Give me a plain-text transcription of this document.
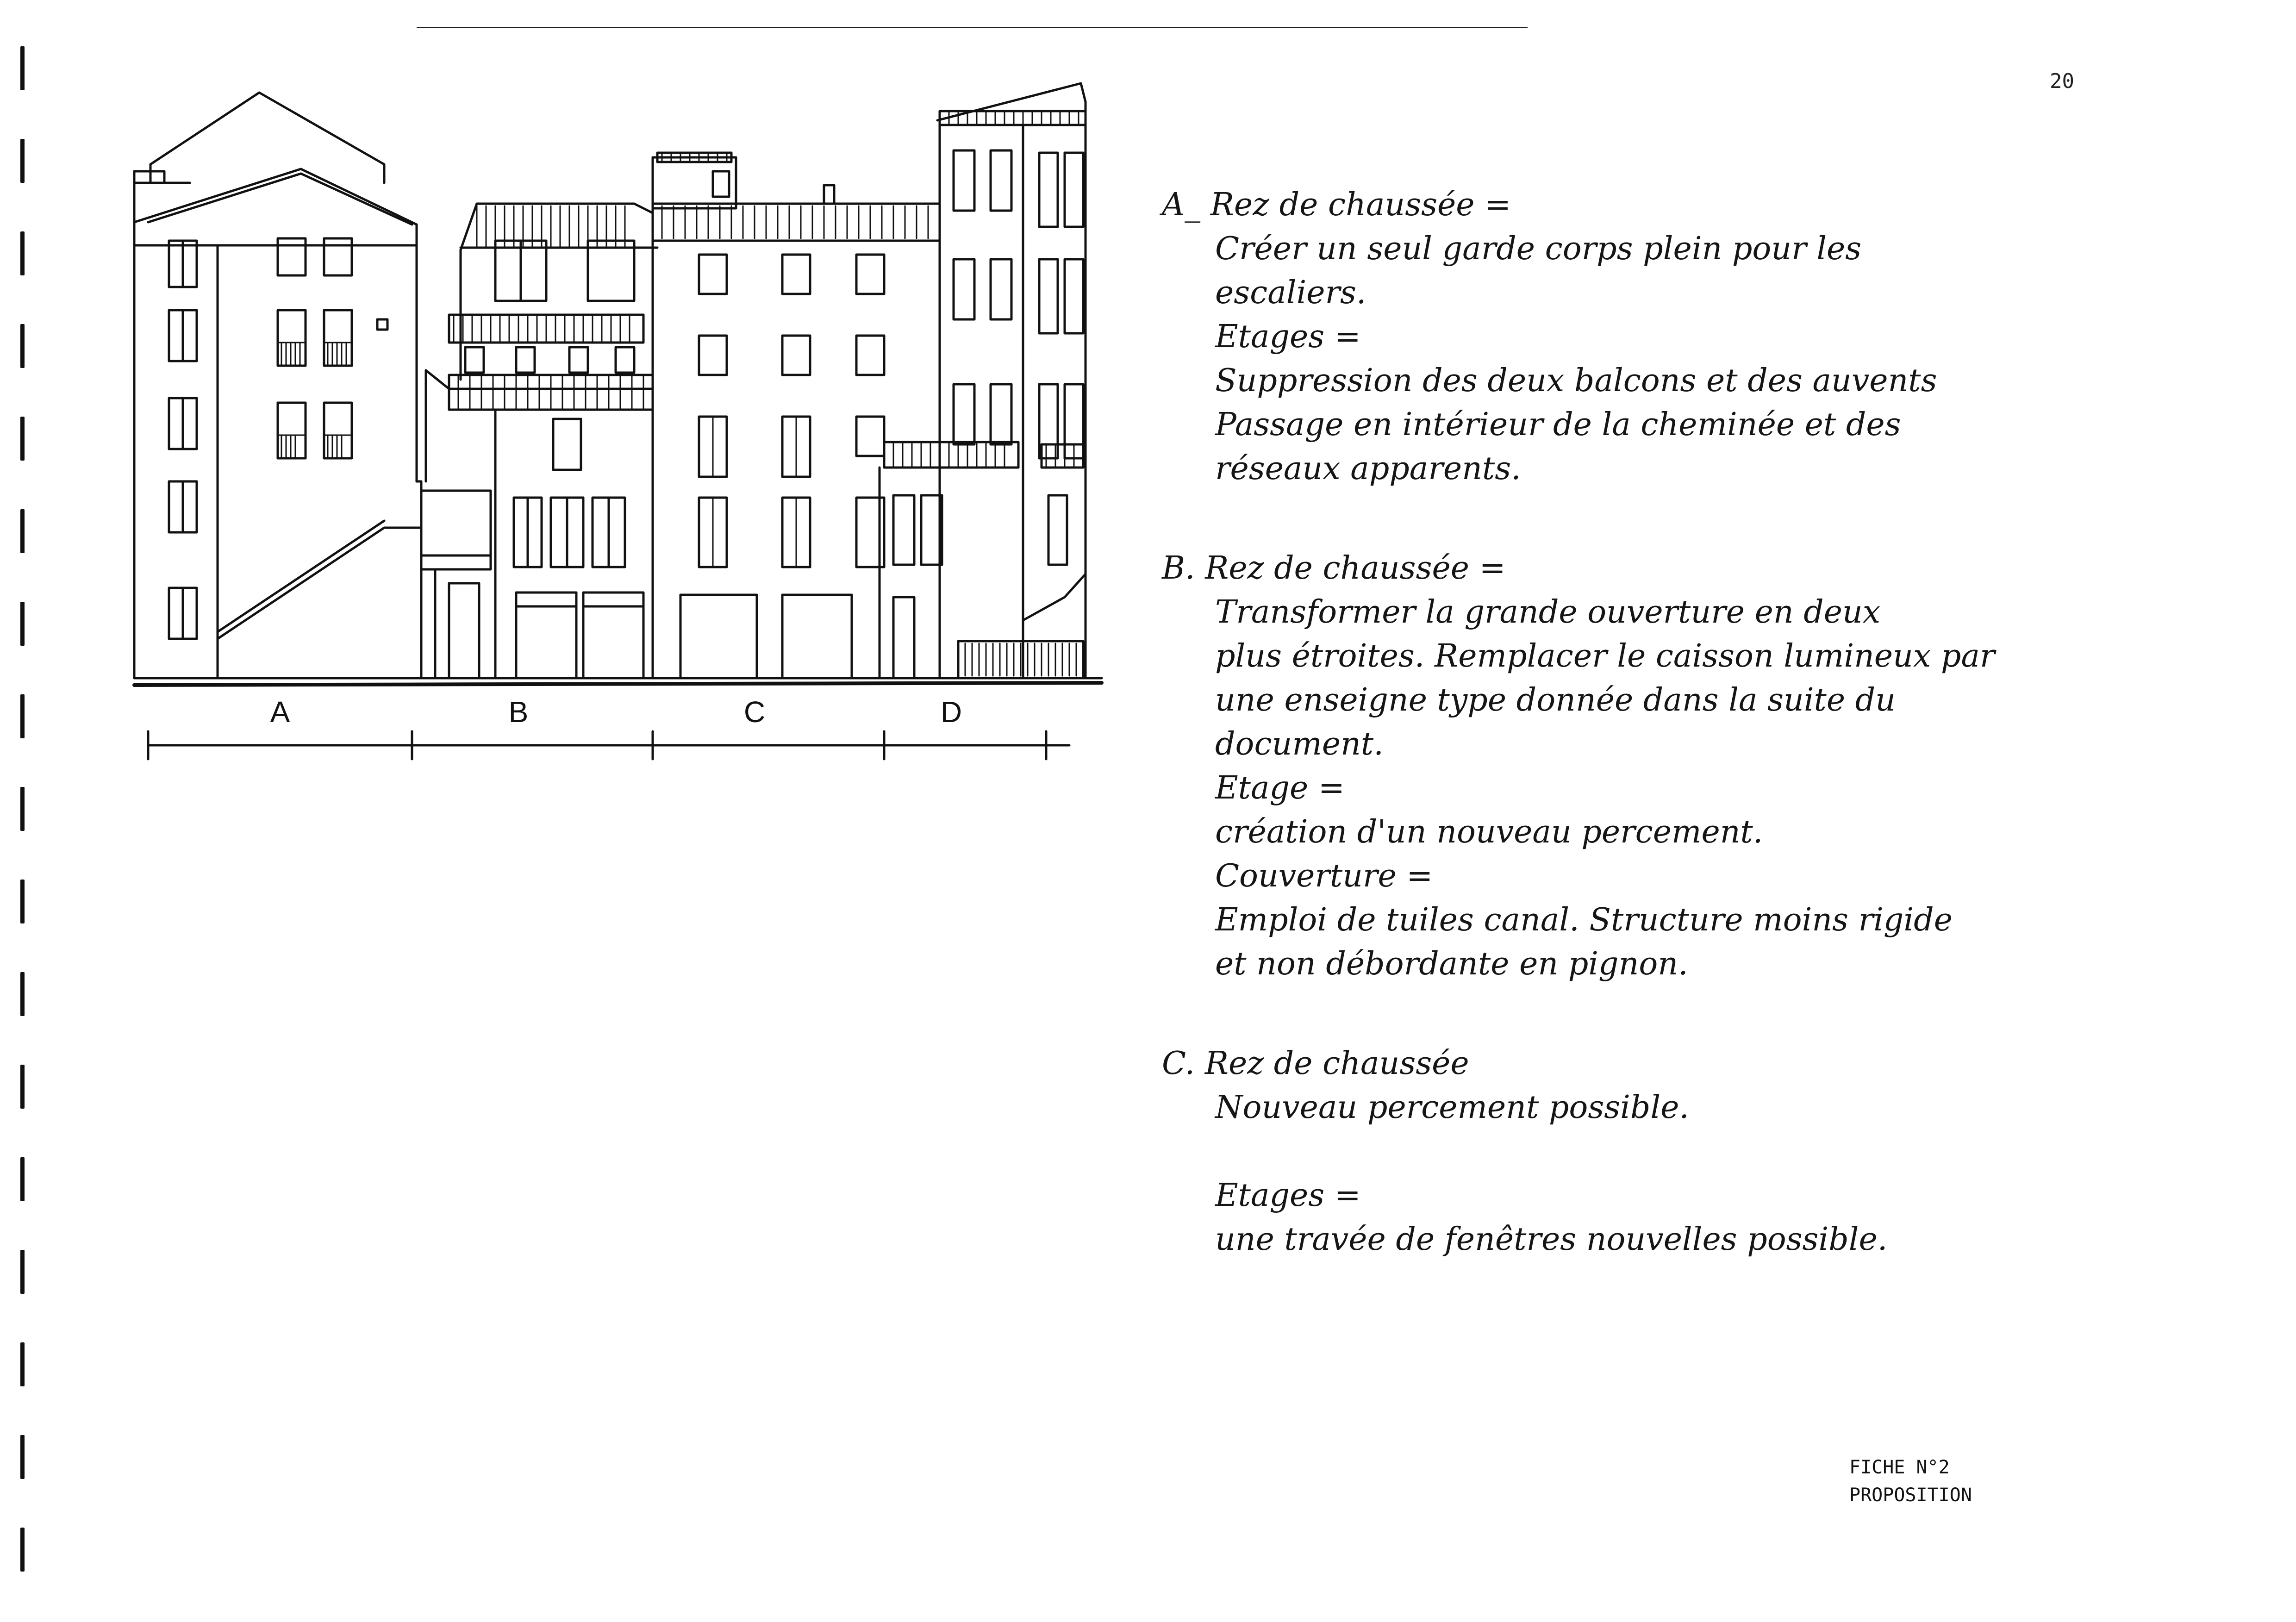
20
A	B	C	D
A_ Rez de chaussée =
Créer un seul garde corps plein pour les
escaliers.
Etages =
Suppression des deux balcons et des auvents
Passage en intérieur de la cheminée et des
réseaux apparents.
B. Rez de chaussée =
Transformer la grande ouverture en deux
plus étroites. Remplacer le caisson lumineux par
une enseigne type donnée dans la suite du
document.
Etage =
création d'un nouveau percement.
Couverture =
Emploi de tuiles canal. Structure moins rigide
et non débordante en pignon.
C. Rez de chaussée
Nouveau percement possible.
Etages =
une travée de fenêtres nouvelles possible.
FICHE N°2
PROPOSITION
